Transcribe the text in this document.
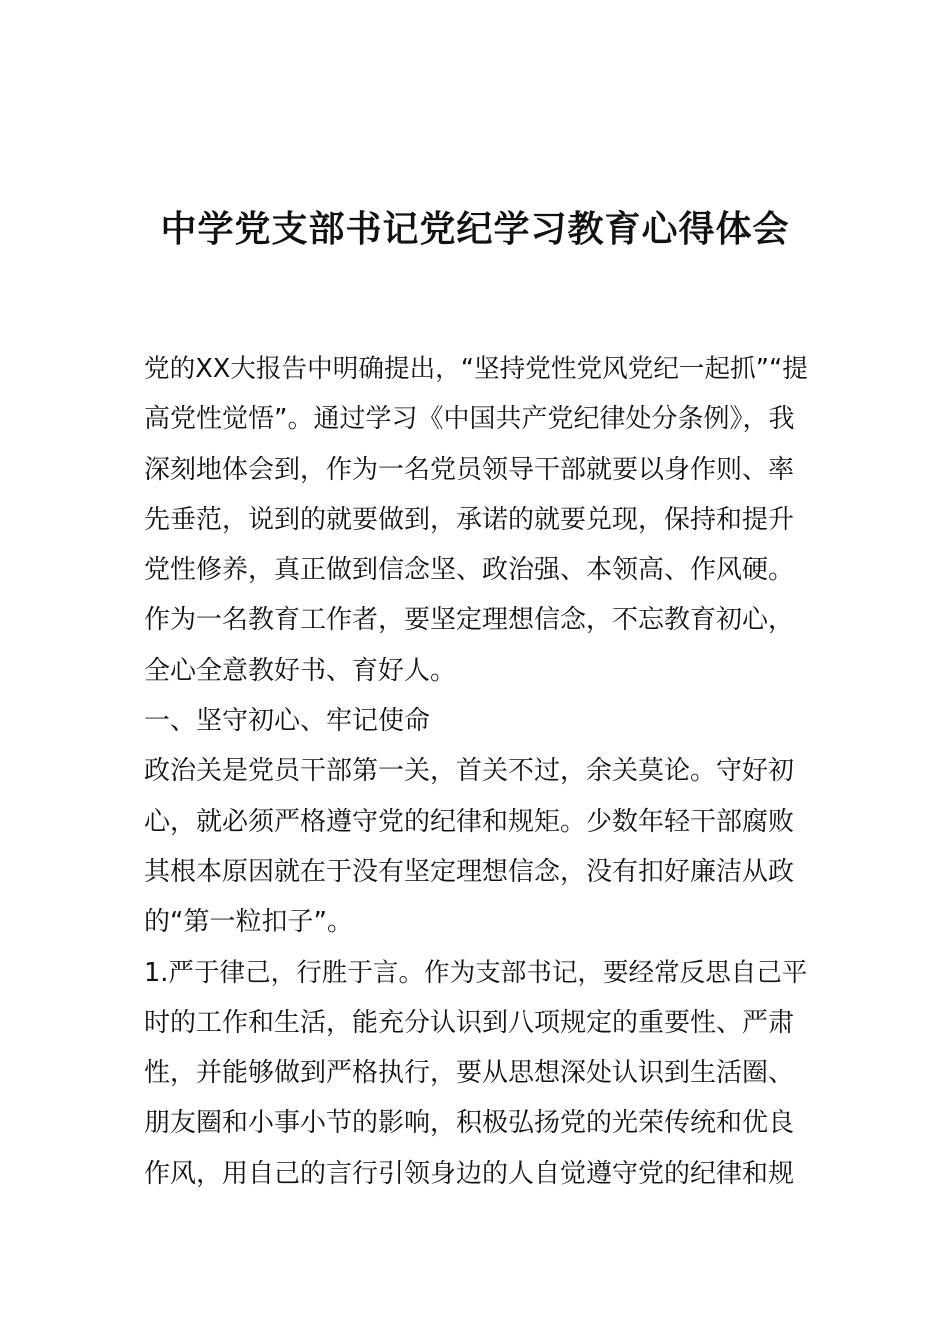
中学党支部书记党纪学习教育心得体会

党的XX大报告中明确提出，“坚持党性党风党纪一起抓”“提

高党性觉悟”。通过学习《中国共产党纪律处分条例》，我

深刻地体会到，作为一名党员领导干部就要以身作则、率

先垂范，说到的就要做到，承诺的就要兑现，保持和提升

党性修养，真正做到信念坚、政治强、本领高、作风硬。

作为一名教育工作者，要坚定理想信念，不忘教育初心，

全心全意教好书、育好人。

一、坚守初心、牢记使命

政治关是党员干部第一关，首关不过，余关莫论。守好初

心，就必须严格遵守党的纪律和规矩。少数年轻干部腐败

其根本原因就在于没有坚定理想信念，没有扣好廉洁从政

的“第一粒扣子”。

1.严于律己，行胜于言。作为支部书记，要经常反思自己平

时的工作和生活，能充分认识到八项规定的重要性、严肃

性，并能够做到严格执行，要从思想深处认识到生活圈、

朋友圈和小事小节的影响，积极弘扬党的光荣传统和优良

作风，用自己的言行引领身边的人自觉遵守党的纪律和规
